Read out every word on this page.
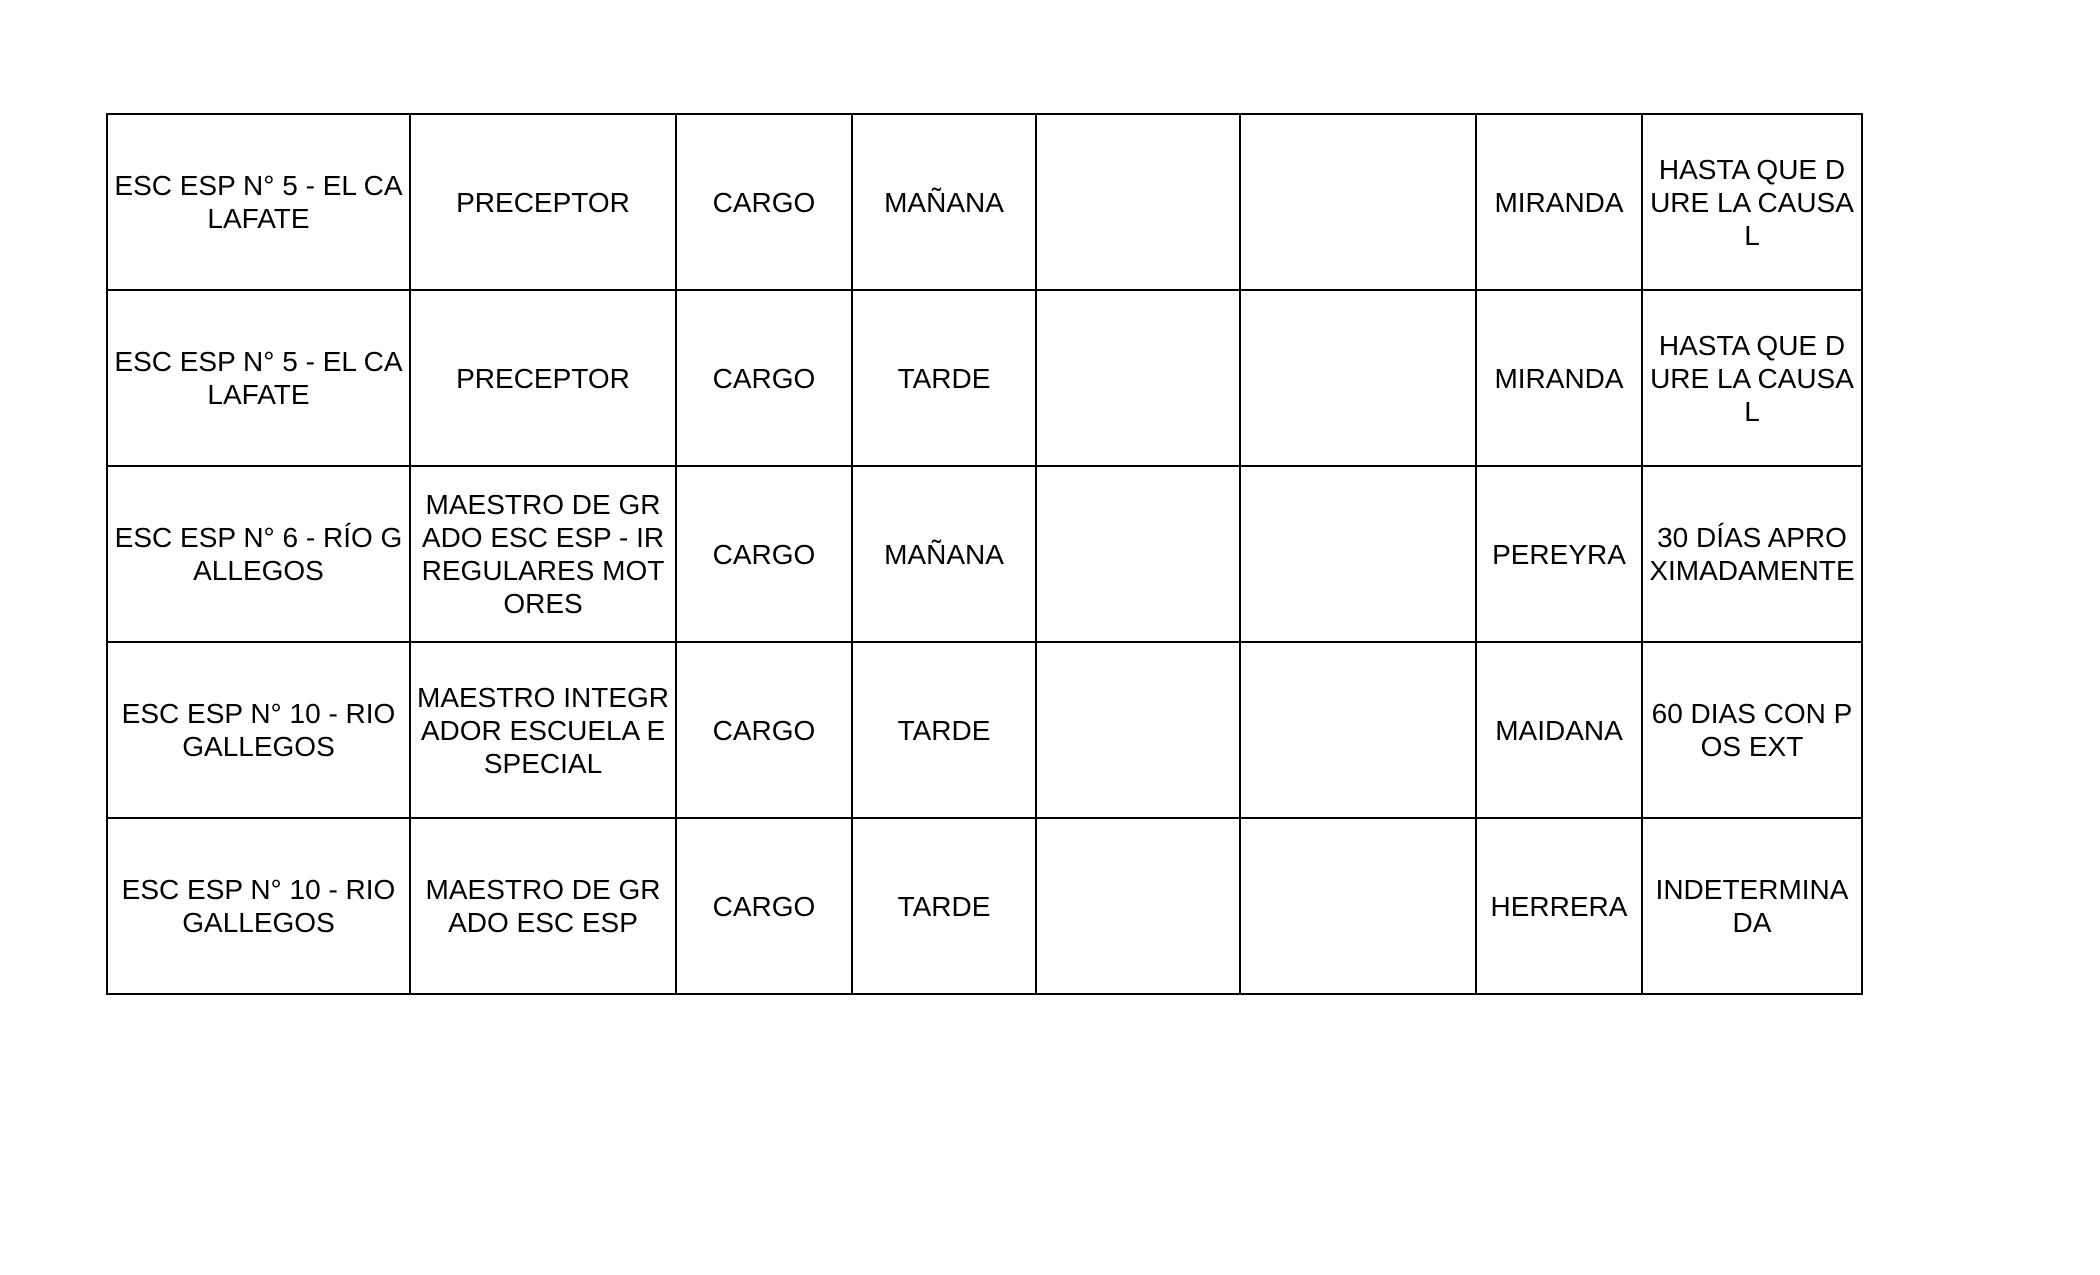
ESC ESP N° 5 - EL CALAFATE	PRECEPTOR	CARGO	MAÑANA			MIRANDA	HASTA QUE DURE LA CAUSAL
ESC ESP N° 5 - EL CALAFATE	PRECEPTOR	CARGO	TARDE			MIRANDA	HASTA QUE DURE LA CAUSAL
ESC ESP N° 6 - RÍO GALLEGOS	MAESTRO DE GRADO ESC ESP - IRREGULARES MOTORES	CARGO	MAÑANA			PEREYRA	30 DÍAS APROXIMADAMENTE
ESC ESP N° 10 - RIO GALLEGOS	MAESTRO INTEGRADOR ESCUELA ESPECIAL	CARGO	TARDE			MAIDANA	60 DIAS CON POS EXT
ESC ESP N° 10 - RIO GALLEGOS	MAESTRO DE GRADO ESC ESP	CARGO	TARDE			HERRERA	INDETERMINADA
